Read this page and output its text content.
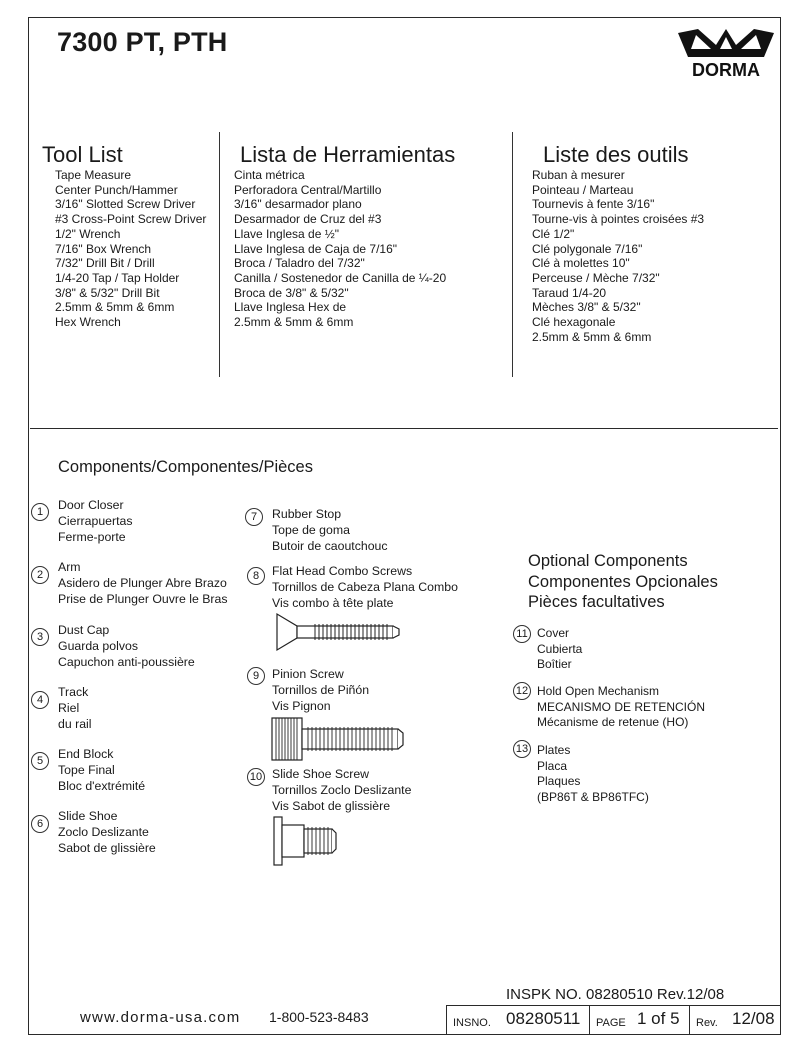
7300 PT, PTH
DORMA
Tool List
Tape Measure
Center Punch/Hammer
3/16" Slotted Screw Driver
#3 Cross-Point Screw Driver
1/2" Wrench
7/16" Box Wrench
7/32" Drill Bit / Drill
1/4-20 Tap / Tap Holder
3/8" & 5/32" Drill Bit
2.5mm & 5mm & 6mm
Hex Wrench
Lista de Herramientas
Cinta métrica
Perforadora Central/Martillo
3/16" desarmador plano
Desarmador de Cruz del #3
Llave Inglesa de ½"
Llave Inglesa de Caja de 7/16"
Broca / Taladro del 7/32"
Canilla / Sostenedor de Canilla de ¼-20
Broca de 3/8" & 5/32"
Llave Inglesa Hex de
2.5mm & 5mm & 6mm
Liste des outils
Ruban à mesurer
Pointeau / Marteau
Tournevis à fente 3/16"
Tourne-vis à pointes croisées #3
Clé 1/2"
Clé polygonale 7/16"
Clé à molettes 10"
Perceuse / Mèche 7/32"
Taraud 1/4-20
Mèches 3/8" & 5/32"
Clé hexagonale
2.5mm & 5mm & 6mm
Components/Componentes/Pièces
1	Door Closer
Cierrapuertas
Ferme-porte
2
Arm
Asidero de Plunger Abre Brazo
Prise de Plunger Ouvre le Bras
3	Dust Cap
Guarda polvos
Capuchon anti-poussière
4
Track
Riel
du rail
5	End Block
Tope Final
Bloc d'extrémité
6
Slide Shoe
Zoclo Deslizante
Sabot de glissière
7	Rubber Stop
Tope de goma
Butoir de caoutchouc
8	Flat Head Combo Screws
Tornillos de Cabeza Plana Combo
Vis combo à tête plate
9	Pinion Screw
Tornillos de Piñón
Vis Pignon
10 Slide Shoe Screw
Tornillos Zoclo Deslizante
Vis Sabot de glissière
Optional Components
Componentes Opcionales
Pièces facultatives
11 Cover
Cubierta
Boîtier
12 Hold Open Mechanism
MECANISMO DE RETENCIÓN
Mécanisme de retenue (HO)
13 Plates
Placa
Plaques
(BP86T & BP86TFC)
INSPK NO. 08280510 Rev.12/08
www.dorma-usa.com 1-800-523-8483	INSNO. 08280511 PAGE 1 of 5 Rev. 12/08
